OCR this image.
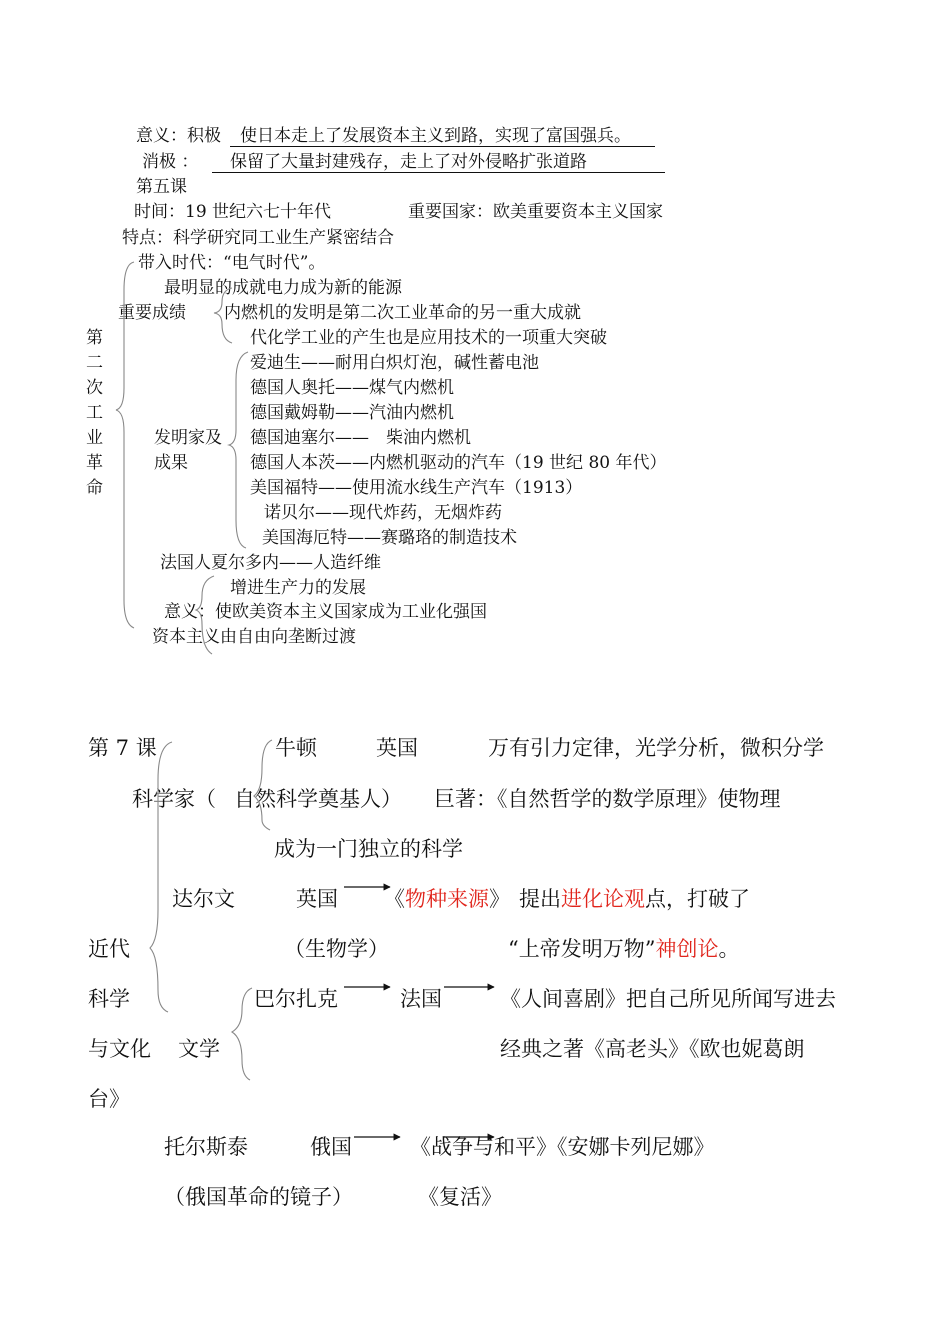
意义：积极 使日本走上了发展资本主义到路，实现了富国强兵。
消极 ：	保留了大量封建残存，走上了对外侵略扩张道路
第五课
时间：19 世纪六七十年代	重要国家：欧美重要资本主义国家
特点：科学研究同工业生产紧密结合
带入时代：“电气时代”。
第
二
次
工
业
革
命
最明显的成就电力成为新的能源
重要成绩 内燃机的发明是第二次工业革命的另一重大成就
代化学工业的产生也是应用技术的一项重大突破
爱迪生——耐用白炽灯泡，碱性蓄电池
德国人奥托——煤气内燃机
德国戴姆勒——汽油内燃机
发明家及 德国迪塞尔——　柴油内燃机
成果	德国人本茨——内燃机驱动的汽车（19 世纪 80 年代）
美国福特——使用流水线生产汽车（1913）
诺贝尔——现代炸药，无烟炸药
美国海厄特——赛璐珞的制造技术
法国人夏尔多内——人造纤维
增进生产力的发展
意义：使欧美资本主义国家成为工业化强国
资本主义由自由向垄断过渡
第 7 课	牛顿	英国	万有引力定律，光学分析，微积分学
科学家（ 自然科学奠基人） 巨著：《自然哲学的数学原理》使物理
成为一门独立的科学
达尔文	英国 《物种来源》 提出进化论观点，打破了
近代	（生物学）	“上帝发明万物”神创论。
科学	巴尔扎克	法国	《人间喜剧》把自己所见所闻写进去
与文化 文学	经典之著《高老头》《欧也妮葛朗
台》
托尔斯泰	俄国	《战争与和平》《安娜卡列尼娜》
（俄国革命的镜子）	《复活》
